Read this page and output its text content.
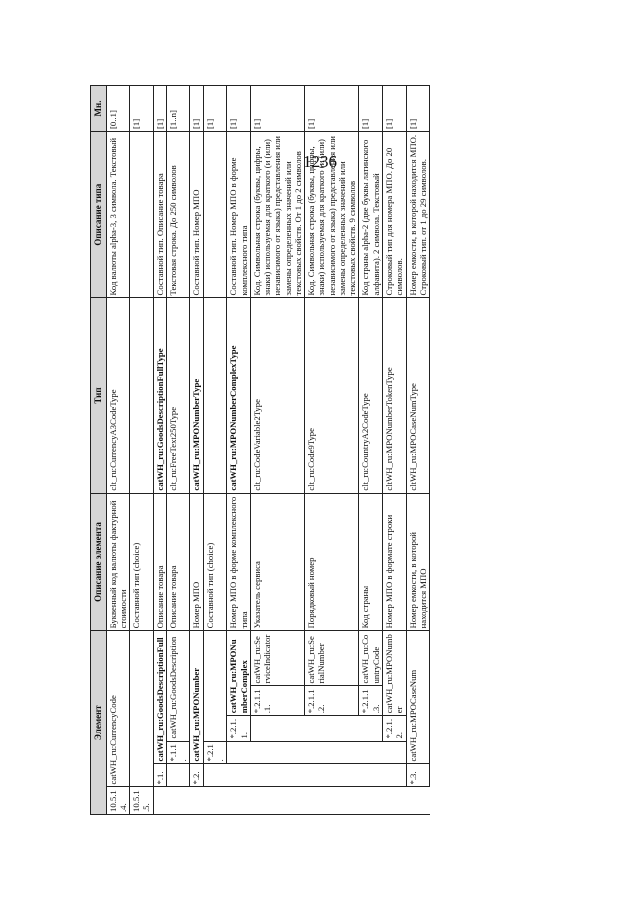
1236
Элемент						Описание элемента	Тип	Описание типа	Мн.
10.5.1.4.	catWH_ru:CurrencyCode					Буквенный код валюты фактурной стоимости	clt_ru:CurrencyA3CodeType	Код валюты alpha-3, 3 символа. Текстовый	[0..1]
10.5.1.5.						Составной тип (choice)			[1]
	*.1.	catWH_ru:GoodsDescriptionFull				Описание товара	catWH_ru:GoodsDescriptionFullType	Составной тип. Описание товара	[1]
		*.1.1.	catWH_ru:GoodsDescription			Описание товара	clt_ru:FreeText250Type	Текстовая строка. До 250 символов	[1..n]
	*.2.	catWH_ru:MPONumber				Номер МПО	catWH_ru:MPONumberType	Составной тип. Номер МПО	[1]
		*.2.1.				Составной тип (choice)			[1]
			*.2.1.1.	catWH_ru:MPONumberComplex		Номер МПО в форме комплексного типа	catWH_ru:MPONumberComplexType	Составной тип. Номер МПО в форме комплексного типа	[1]
				*.2.1.1.1.	catWH_ru:ServiceIndicator	Указатель сервиса	clt_ru:CodeVariable2Type	Код. Символьная строка (буквы, цифры, знаки) используемая для краткого (и (или) независимого от языка) представления или замены определенных значений или текстовых свойств. От 1 до 2 символов	[1]
				*.2.1.1.2.	catWH_ru:SerialNumber	Порядковый номер	clt_ru:Code9Type	Код. Символьная строка (буквы, цифры, знаки) используемая для краткого (и (или) независимого от языка) представления или замены определенных значений или текстовых свойств. 9 символов	[1]
				*.2.1.1.3.	catWH_ru:CountryCode	Код страны	clt_ru:CountryA2CodeType	Код страны alpha-2 (две буквы латинского алфавита). 2 символа. Текстовый	[1]
			*.2.1.2.	catWH_ru:MPONumber		Номер МПО в формате строки	cltWH_ru:MPONumberTokenType	Строковый тип для номера МПО. До 20 символов.	[1]
	*.3.	catWH_ru:MPOCaseNum				Номер емкости, в которой находится МПО	cltWH_ru:MPOCaseNumType	Номер емкости, в которой находится МПО. Строковый тип. от 1 до 29 символов.	[1]
